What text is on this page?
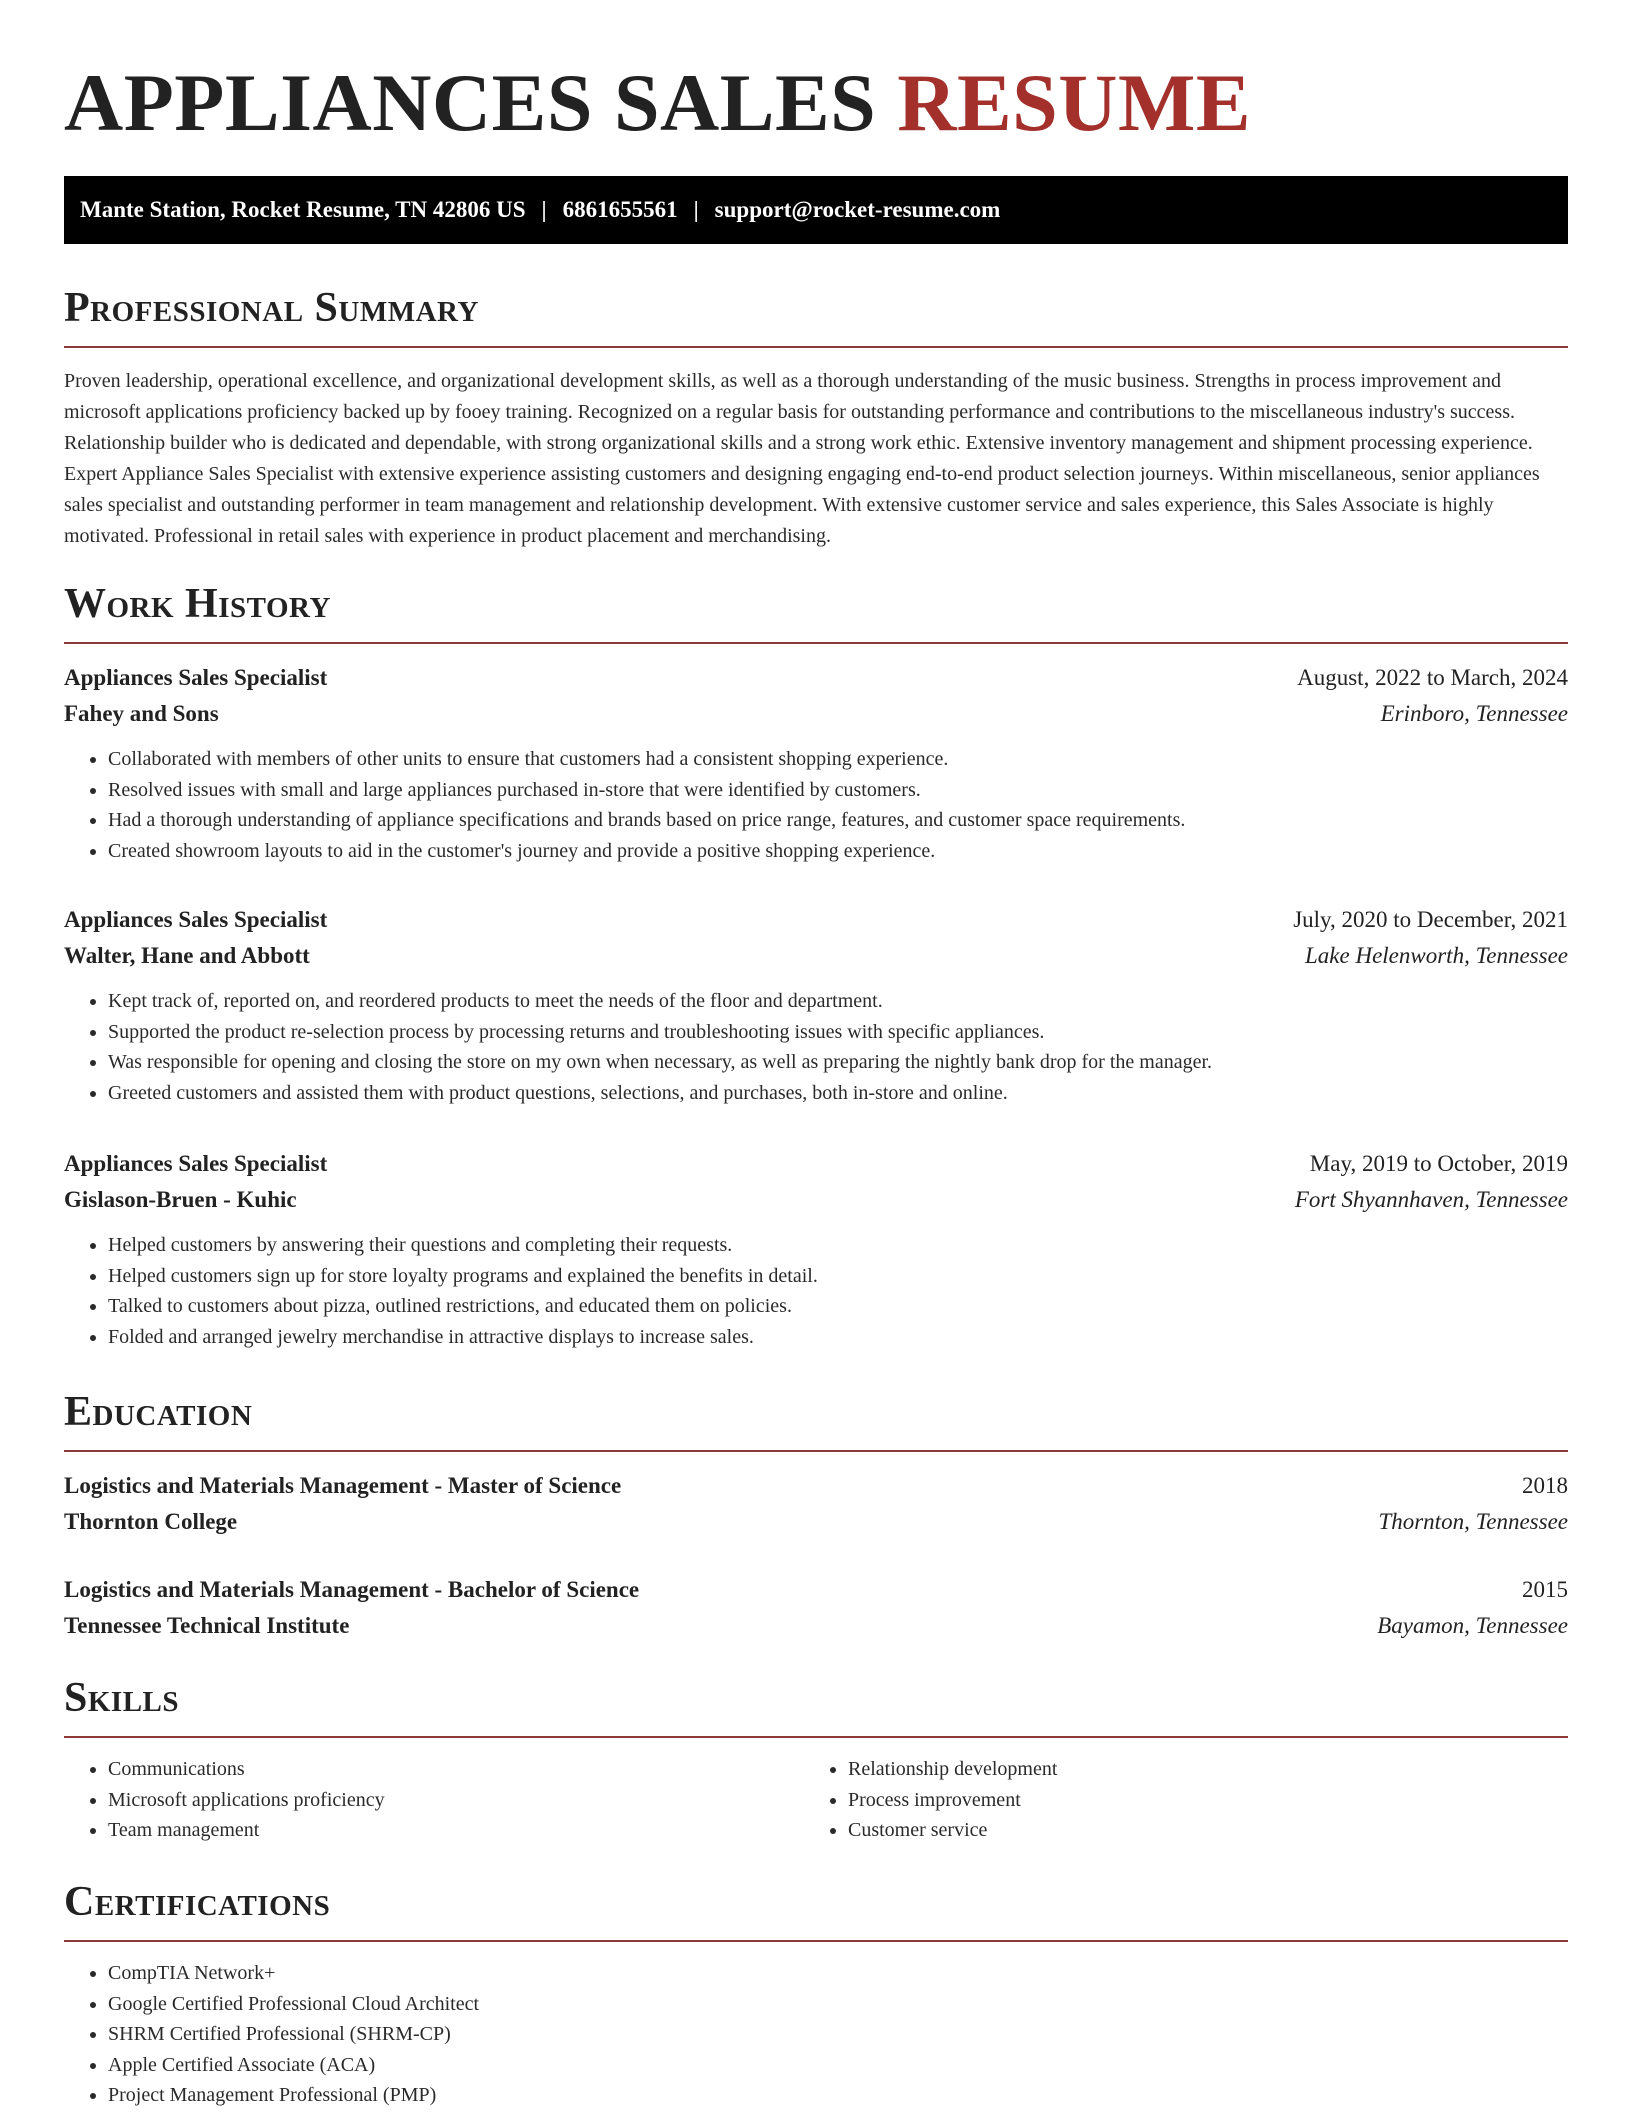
APPLIANCES SALES RESUME
Mante Station, Rocket Resume, TN 42806 US | 6861655561 | support@rocket-resume.com
Professional Summary

Proven leadership, operational excellence, and organizational development skills, as well as a thorough understanding of the music business. Strengths in process improvement and microsoft applications proficiency backed up by fooey training. Recognized on a regular basis for outstanding performance and contributions to the miscellaneous industry's success. Relationship builder who is dedicated and dependable, with strong organizational skills and a strong work ethic. Extensive inventory management and shipment processing experience. Expert Appliance Sales Specialist with extensive experience assisting customers and designing engaging end-to-end product selection journeys. Within miscellaneous, senior appliances sales specialist and outstanding performer in team management and relationship development. With extensive customer service and sales experience, this Sales Associate is highly motivated. Professional in retail sales with experience in product placement and merchandising.

Work History
Appliances Sales Specialist	August, 2022 to March, 2024
Fahey and Sons	Erinboro, Tennessee
• Collaborated with members of other units to ensure that customers had a consistent shopping experience.
• Resolved issues with small and large appliances purchased in-store that were identified by customers.
• Had a thorough understanding of appliance specifications and brands based on price range, features, and customer space requirements.
• Created showroom layouts to aid in the customer's journey and provide a positive shopping experience.
Appliances Sales Specialist	July, 2020 to December, 2021
Walter, Hane and Abbott	Lake Helenworth, Tennessee
• Kept track of, reported on, and reordered products to meet the needs of the floor and department.
• Supported the product re-selection process by processing returns and troubleshooting issues with specific appliances.
• Was responsible for opening and closing the store on my own when necessary, as well as preparing the nightly bank drop for the manager.
• Greeted customers and assisted them with product questions, selections, and purchases, both in-store and online.
Appliances Sales Specialist	May, 2019 to October, 2019
Gislason-Bruen - Kuhic	Fort Shyannhaven, Tennessee
• Helped customers by answering their questions and completing their requests.
• Helped customers sign up for store loyalty programs and explained the benefits in detail.
• Talked to customers about pizza, outlined restrictions, and educated them on policies.
• Folded and arranged jewelry merchandise in attractive displays to increase sales.
Education
Logistics and Materials Management - Master of Science	2018
Thornton College	Thornton, Tennessee
Logistics and Materials Management - Bachelor of Science	2015
Tennessee Technical Institute	Bayamon, Tennessee
Skills
• Communications
• Microsoft applications proficiency
• Team management
• Relationship development
• Process improvement
• Customer service
Certifications
• CompTIA Network+
• Google Certified Professional Cloud Architect
• SHRM Certified Professional (SHRM-CP)
• Apple Certified Associate (ACA)
• Project Management Professional (PMP)
